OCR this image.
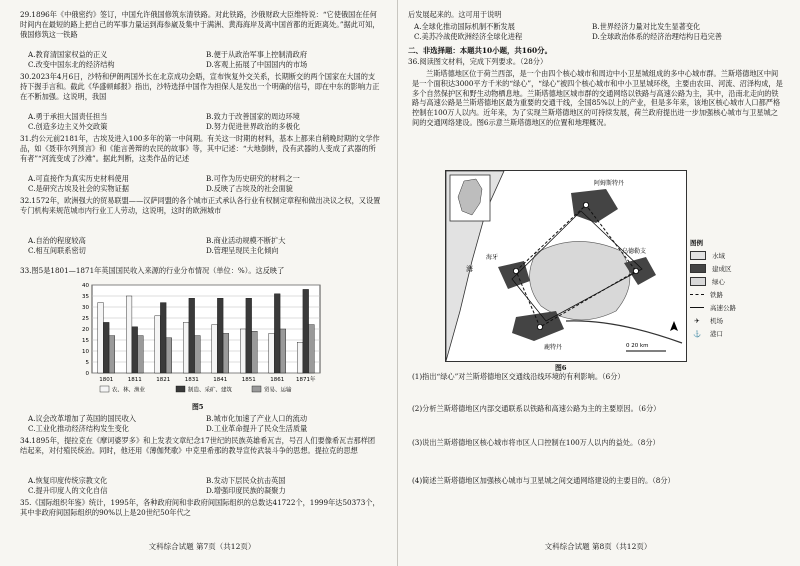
29.1896年《中俄密约》签订，中国允许俄国修筑东清铁路。对此铁路，沙俄财政大臣维特说：“它使俄国在任何时间内在最短的路上把自己的军事力量运到海参崴及集中于满洲、黄海海岸及离中国首都的近距离处。”据此可知，俄国修筑这一铁路
A.教育清国家权益的正义	B.便于从政治军事上控制清政府
C.改变中国东北的经济结构	D.客观上拓展了中国国内的市场
30.2023年4月6日，沙特和伊朗两国外长在北京成功会晤，宣布恢复外交关系，长期断交的两个国家在大国的支持下握手言和。截此《华盛顿邮报》指出，沙特选择中国作为担保人是发出一个明确的信号，即在中东的影响力正在不断加强。这说明，我国
A.勇于承担大国责任担当	B.致力于改善国家的周边环境
C.创造多边主义外交政策	D.努力促进世界政治的多极化
31.约公元前2181年，古埃及进入100多年的第一中间期。有关这一时期的材料，基本上都来自稍晚时期的文学作品，如《聂菲尔列预言》和《能言善辩的农民的故事》等，其中记述：“大地倒转，没有武器的人变成了武器的所有者”“河流变成了沙滩”。据此判断，这类作品的记述
A.可直接作为真实历史材料使用	B.可作为历史研究的材料之一
C.是研究古埃及社会的实物证据	D.反映了古埃及的社会面貌
32.1572年，欧洲强大的贸易联盟——汉萨同盟的各个城市正式承认各行业有权制定章程和做出决议之权，又设置专门机构来规范城市内行业工人劳动，这说明，这时的欧洲城市
A.自治的程度较高	B.商业活动规模不断扩大
C.相互间联系密切	D.管理呈现民主化倾向
33.图5是1801—1871年英国国民收入来源的行业分布情况（单位：%）。这反映了
0
5
10
15
20
25
30
35
40
1801	1811	1821	1831	1841	1851	1861 1871年
农、林、渔业	制造、采矿、建筑	贸易、运输
图5
A.议会改革增加了英国的国民收入	B.城市化加速了产业人口的流动
C.工业化推动经济结构发生变化	D.工业革命提升了民众生活质量
34.1895年，提拉克在《摩诃婆罗多》和上发表文章纪念17世纪的民族英雄希瓦吉，号召人们要像希瓦吉那样团结起来，对付殖民统治。同时，他还用《薄伽梵歌》中克里希那的教导宣传武装斗争的思想。提拉克的思想
A.恢复印度传统宗教文化	B.发动下层民众抗击英国
C.提升印度人的文化自信	D.增强印度民族的凝聚力
35.《国际组织年鉴》统计，1995年，各种政府间和非政府间国际组织的总数达41722个，1999年达50373个，其中非政府间国际组织的90%以上是20世纪50年代之
文科综合试题 第7页（共12页）
后发展起来的。这可用于说明
A.全球化推动国际机制不断发展	B.世界经济力量对比发生显著变化
C.美苏冷战使欧洲经济全球化进程	D.全球政治体系的经济治理结构日趋完善
二、非选择题：本题共10小题，共160分。
36.阅读图文材料，完成下列要求。（28分）
兰斯塔德地区位于荷兰西部，是一个由四个核心城市和周边中小卫星城组成的多中心城市群。兰斯塔德地区中间是一个面积达3000平方千米的“绿心”，“绿心”被四个核心城市和中小卫星城环绕，主要由农田、河流、沼泽构成，是多个自然保护区和野生动物栖息地。兰斯塔德地区城市群的交通网络以铁路与高速公路为主，其中，沿南北走向的铁路与高速公路是兰斯塔德地区最为重要的交通干线，全国85%以上的产业，但是多年来，该地区核心城市人口都严格控制在100万人以内。近年来，为了实现兰斯塔德地区的可持续发展，荷兰政府提出进一步加强核心城市与卫星城之间的交通网络建设。图6示意兰斯塔德地区的位置和地理概况。
阿姆斯特丹
乌德勒支
海牙
鹿特丹
海
0 20 km
图6
图例
水域
建成区
绿心
铁路
高速公路
✈	机场
⚓	港口
(1)指出“绿心”对兰斯塔德地区交通线沿线环境的有利影响。（6分）
(2)分析兰斯塔德地区内部交通联系以铁路和高速公路为主的主要原因。（6分）
(3)说出兰斯塔德地区核心城市将市区人口控制在100万人以内的益处。（8分）
(4)简述兰斯塔德地区加强核心城市与卫星城之间交通网络建设的主要目的。（8分）
文科综合试题 第8页（共12页）
